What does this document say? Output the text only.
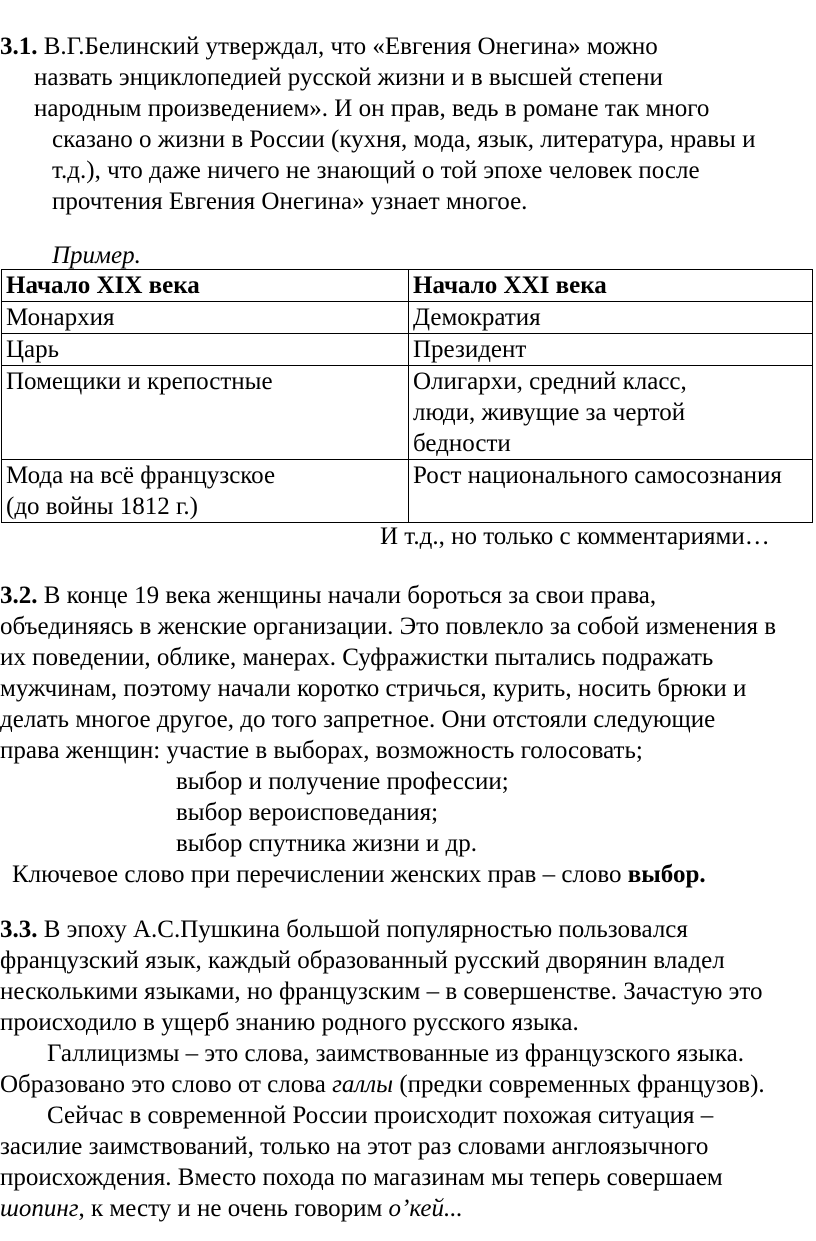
3.1. В.Г.Белинский утверждал, что «Евгения Онегина» можно
назвать энциклопедией русской жизни и в высшей степени
народным произведением». И он прав, ведь в романе так много
сказано о жизни в России (кухня, мода, язык, литература, нравы и
т.д.), что даже ничего не знающий о той эпохе человек после
прочтения Евгения Онегина» узнает многое.
Пример.
Начало XIX века	Начало XXI века

Монархия	Демократия

Царь	Президент

Помещики и крепостные	Олигархи, средний класс,
люди, живущие за чертой
бедности

Мода на всё французское
(до войны 1812 г.)	Рост национального самосознания
И т.д., но только с комментариями…
3.2. В конце 19 века женщины начали бороться за свои права,
объединяясь в женские организации. Это повлекло за собой изменения в
их поведении, облике, манерах. Суфражистки пытались подражать
мужчинам, поэтому начали коротко стричься, курить, носить брюки и
делать многое другое, до того запретное. Они отстояли следующие
права женщин: участие в выборах, возможность голосовать;
выбор и получение профессии;
выбор вероисповедания;
выбор спутника жизни и др.
Ключевое слово при перечислении женских прав – слово выбор.
3.3. В эпоху А.С.Пушкина большой популярностью пользовался
французский язык, каждый образованный русский дворянин владел
несколькими языками, но французским – в совершенстве. Зачастую это
происходило в ущерб знанию родного русского языка.
Галлицизмы – это слова, заимствованные из французского языка.
Образовано это слово от слова галлы (предки современных французов).
Сейчас в современной России происходит похожая ситуация –
засилие заимствований, только на этот раз словами англоязычного
происхождения. Вместо похода по магазинам мы теперь совершаем
шопинг, к месту и не очень говорим о’кей...
